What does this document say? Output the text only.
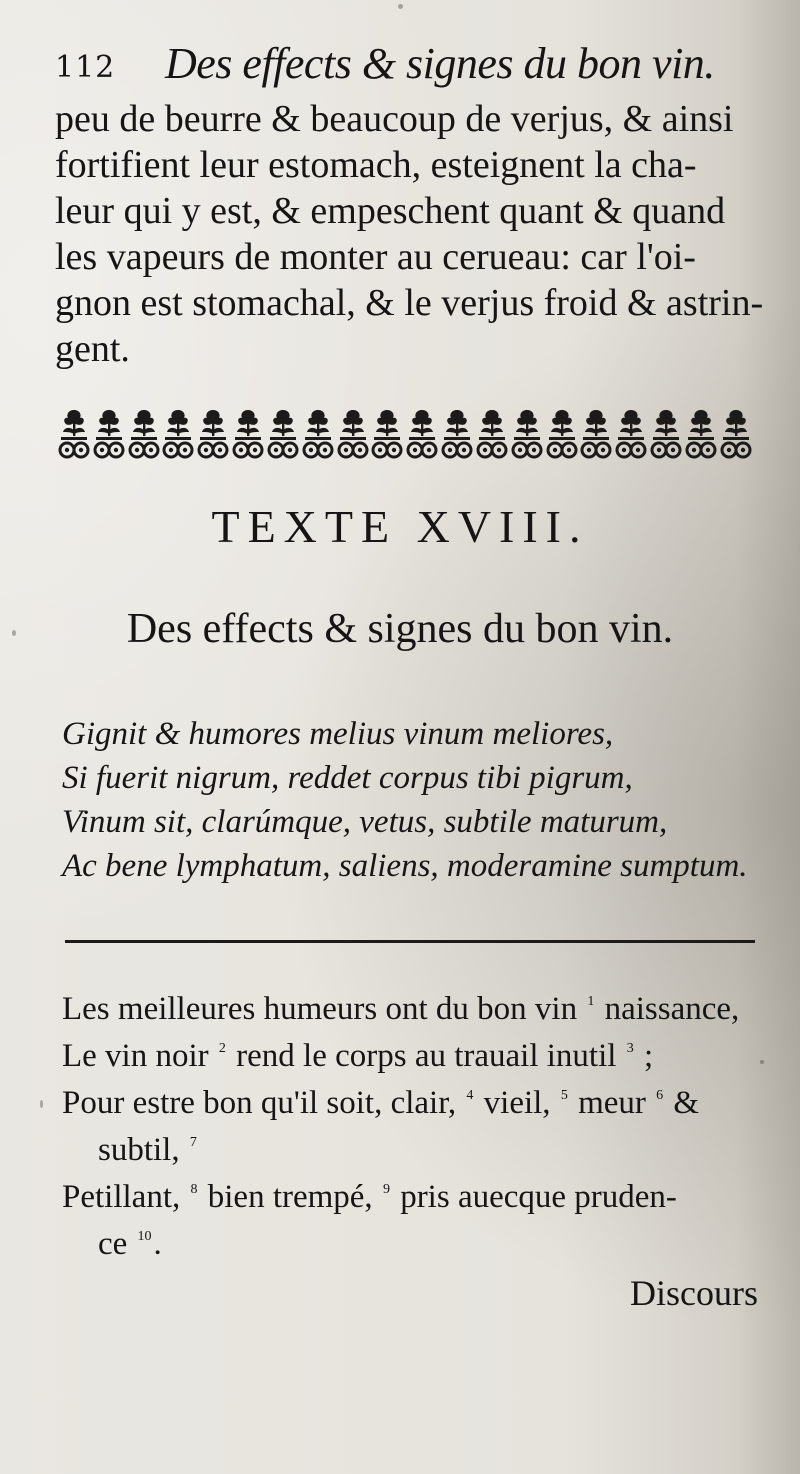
112 Des effects & signes du bon vin.
peu de beurre & beaucoup de verjus, & ainsi
fortifient leur estomach, esteignent la cha-
leur qui y est, & empeschent quant & quand
les vapeurs de monter au cerueau: car l'oi-
gnon est stomachal, & le verjus froid & astrin-
gent.
TEXTE XVIII.
Des effects & signes du bon vin.
Gignit & humores melius vinum meliores,
Si fuerit nigrum, reddet corpus tibi pigrum,
Vinum sit, clarúmque, vetus, subtile maturum,
Ac bene lymphatum, saliens, moderamine sumptum.
Les meilleures humeurs ont du bon vin $^1$ naissance,
Le vin noir $^2$ rend le corps au trauail inutil $^3$ ;
Pour estre bon qu'il soit, clair, $^4$ vieil, $^5$ meur $^6$ &
subtil, $^7$
Petillant, $^8$ bien trempé, $^9$ pris auecque pruden-
ce $^{10}$.
Discours
